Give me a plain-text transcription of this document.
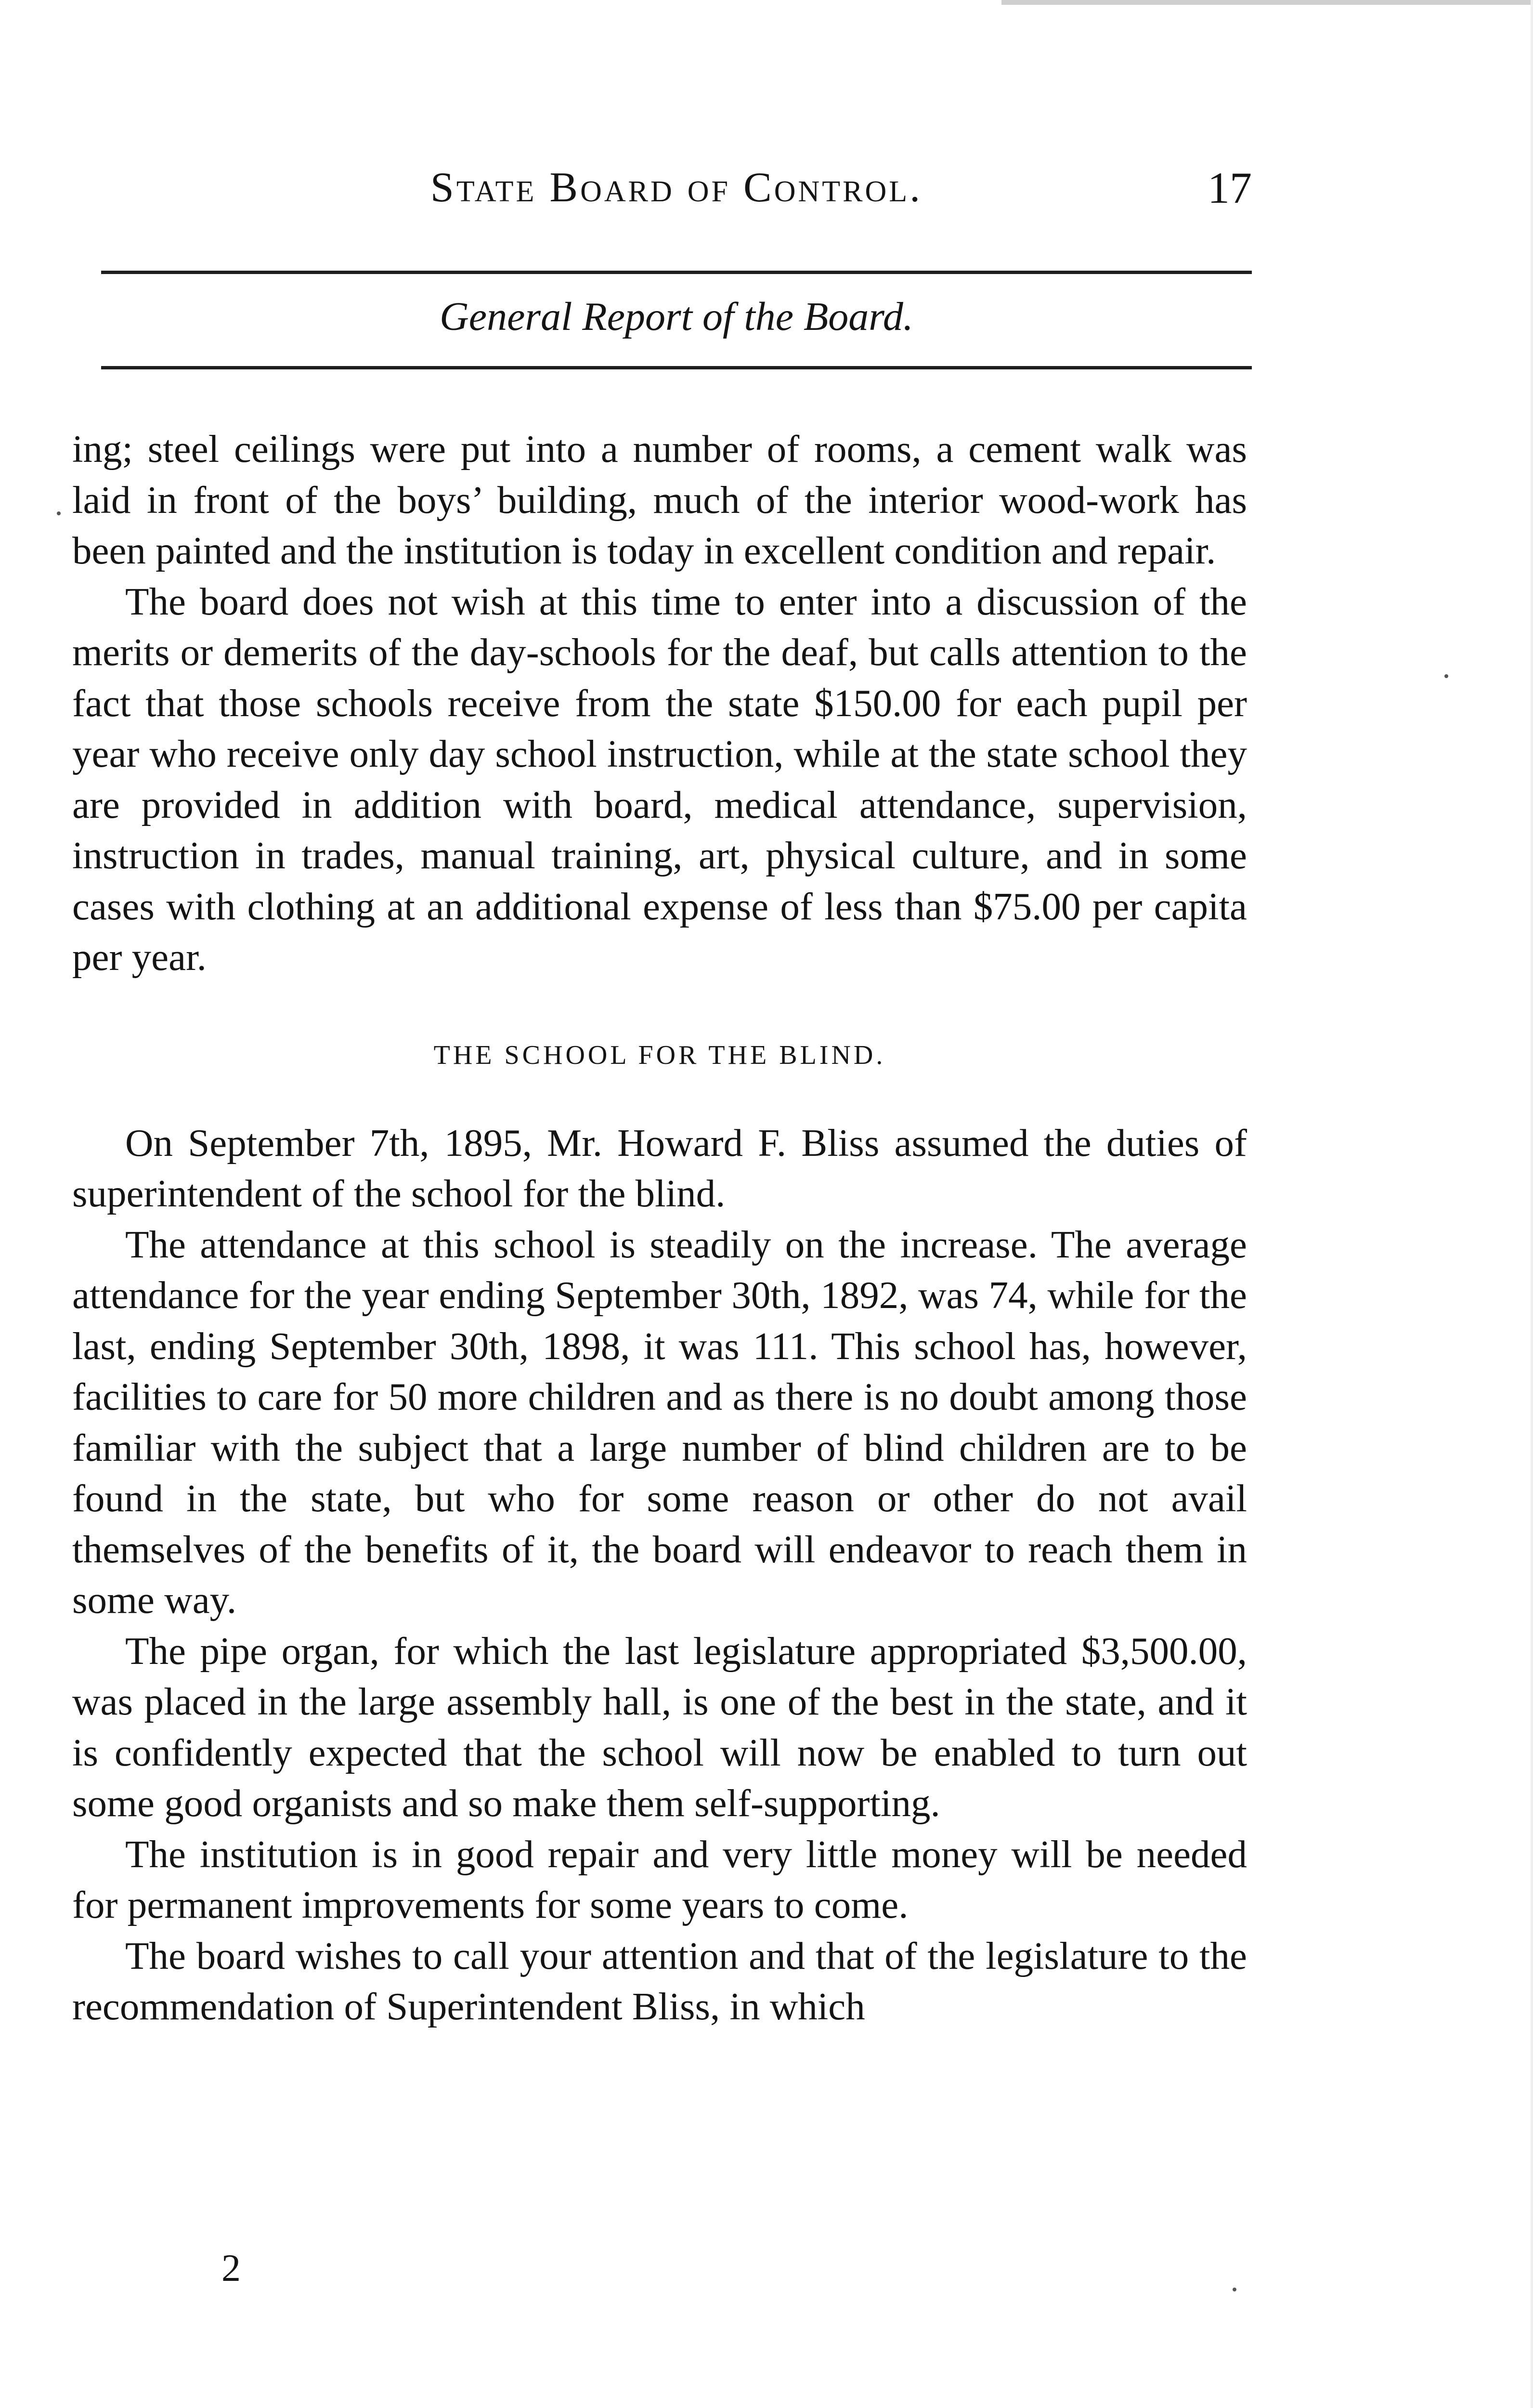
State Board of Control.	17
General Report of the Board.

ing; steel ceilings were put into a number of rooms, a cement walk was laid in front of the boys’ building, much of the interior wood-work has been painted and the institution is today in excellent condition and repair.

The board does not wish at this time to enter into a discussion of the merits or demerits of the day-schools for the deaf, but calls attention to the fact that those schools receive from the state $150.00 for each pupil per year who receive only day school instruction, while at the state school they are provided in addition with board, medical attendance, supervision, instruction in trades, manual training, art, physical culture, and in some cases with clothing at an additional expense of less than $75.00 per capita per year.

THE SCHOOL FOR THE BLIND.

On September 7th, 1895, Mr. Howard F. Bliss assumed the duties of superintendent of the school for the blind.

The attendance at this school is steadily on the increase. The average attendance for the year ending September 30th, 1892, was 74, while for the last, ending September 30th, 1898, it was 111. This school has, however, facilities to care for 50 more children and as there is no doubt among those familiar with the subject that a large number of blind children are to be found in the state, but who for some reason or other do not avail themselves of the benefits of it, the board will endeavor to reach them in some way.

The pipe organ, for which the last legislature appropriated $3,500.00, was placed in the large assembly hall, is one of the best in the state, and it is confidently expected that the school will now be enabled to turn out some good organists and so make them self-supporting.

The institution is in good repair and very little money will be needed for permanent improvements for some years to come.

The board wishes to call your attention and that of the legislature to the recommendation of Superintendent Bliss, in which

2
